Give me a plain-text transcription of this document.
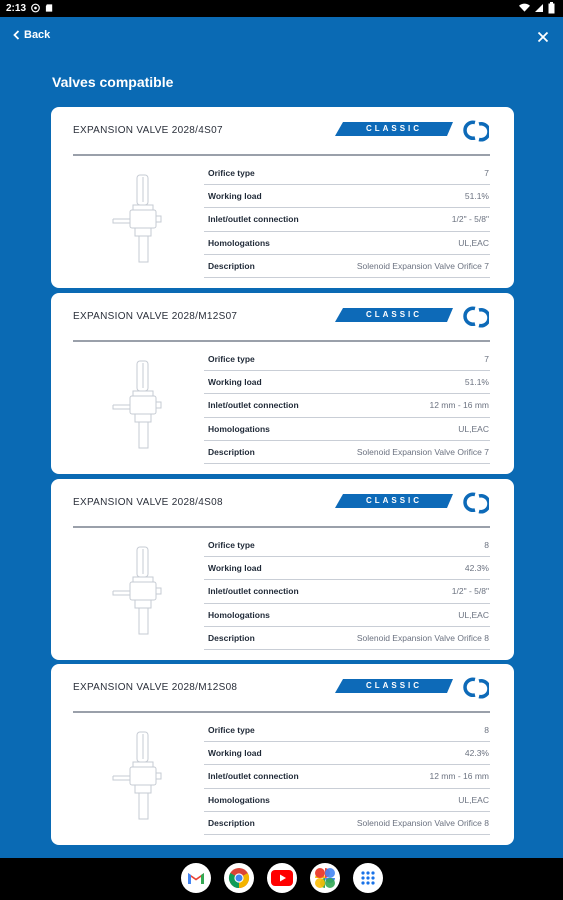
2:13
Back
Valves compatible
EXPANSION VALVE 2028/4S07	CLASSIC
Orifice type	7
Working load	51.1%
Inlet/outlet connection	1/2" - 5/8"
Homologations	UL,EAC
Description	Solenoid Expansion Valve Orifice 7
EXPANSION VALVE 2028/M12S07	CLASSIC
Orifice type	7
Working load	51.1%
Inlet/outlet connection	12 mm - 16 mm
Homologations	UL,EAC
Description	Solenoid Expansion Valve Orifice 7
EXPANSION VALVE 2028/4S08	CLASSIC
Orifice type	8
Working load	42.3%
Inlet/outlet connection	1/2" - 5/8"
Homologations	UL,EAC
Description	Solenoid Expansion Valve Orifice 8
EXPANSION VALVE 2028/M12S08	CLASSIC
Orifice type	8
Working load	42.3%
Inlet/outlet connection	12 mm - 16 mm
Homologations	UL,EAC
Description	Solenoid Expansion Valve Orifice 8
